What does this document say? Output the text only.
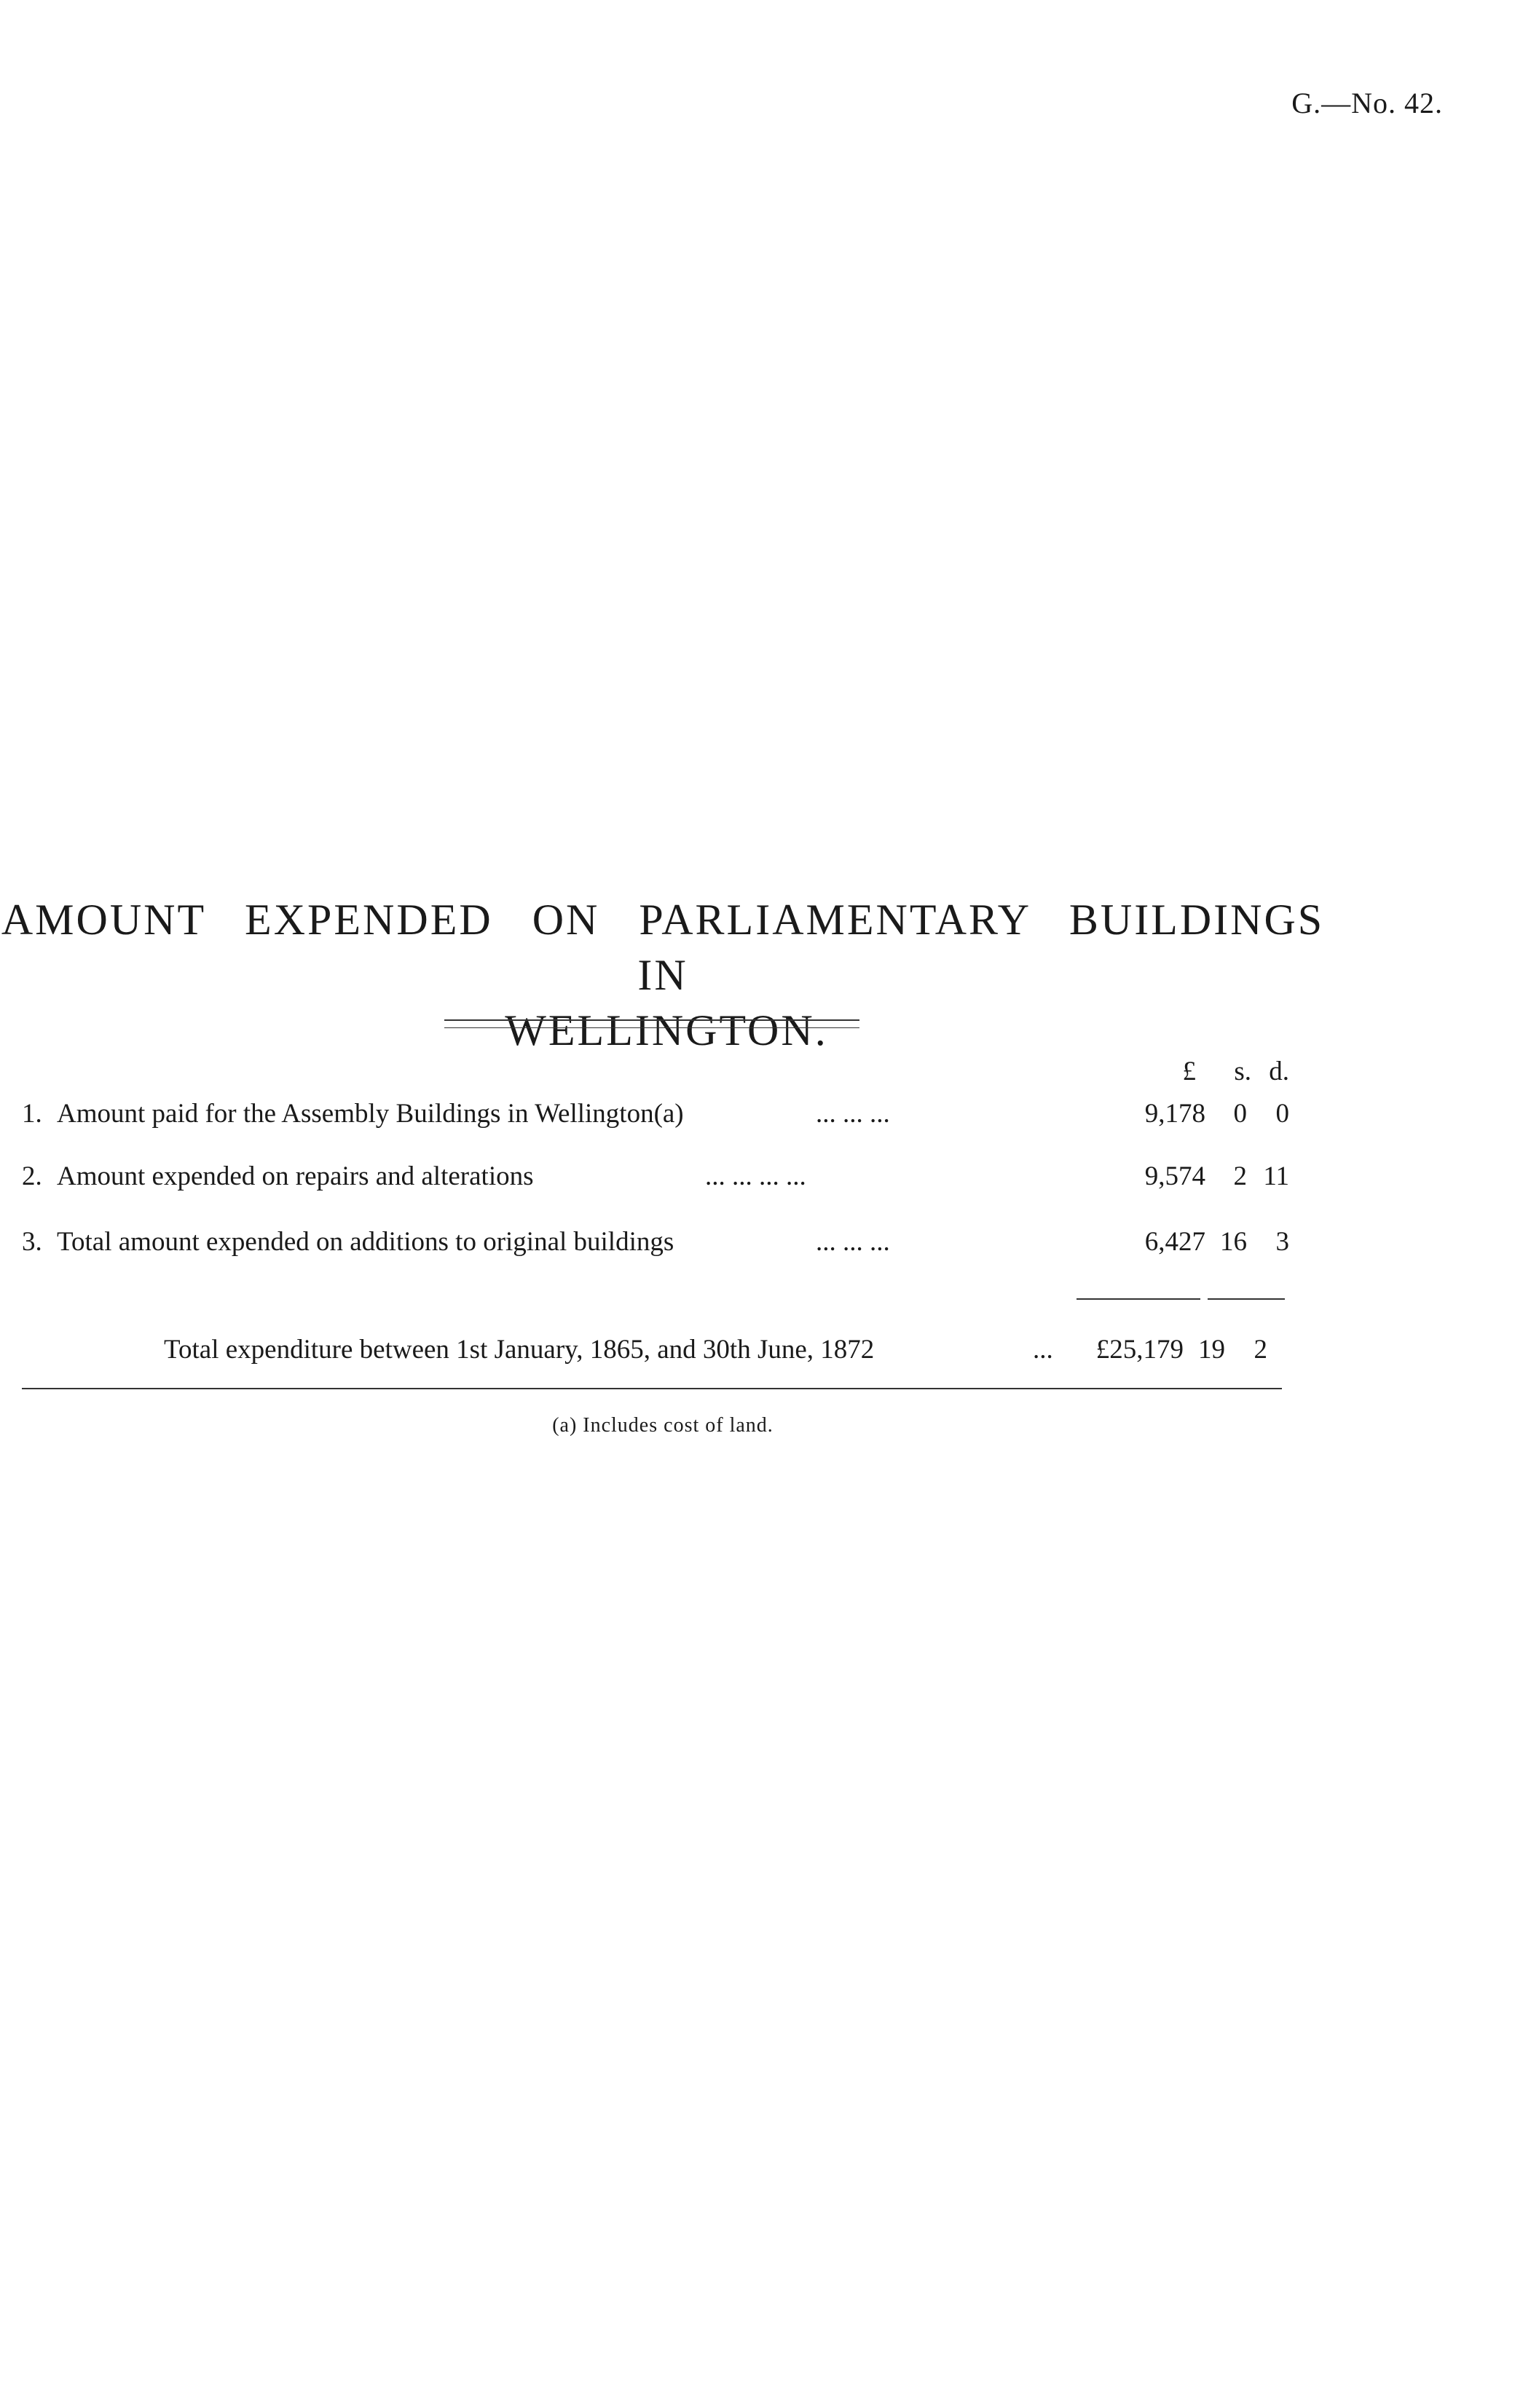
G.—No. 42.
AMOUNT EXPENDED ON PARLIAMENTARY BUILDINGS IN
WELLINGTON.
£ s. d.
1. Amount paid for the Assembly Buildings in Wellington(a)	... ... ...	9,178 0 0
2. Amount expended on repairs and alterations	... ... ... ...	9,574 2 11
3. Total amount expended on additions to original buildings	... ... ...	6,427 16 3
Total expenditure between 1st January, 1865, and 30th June, 1872	... £25,179 19 2
(a) Includes cost of land.
